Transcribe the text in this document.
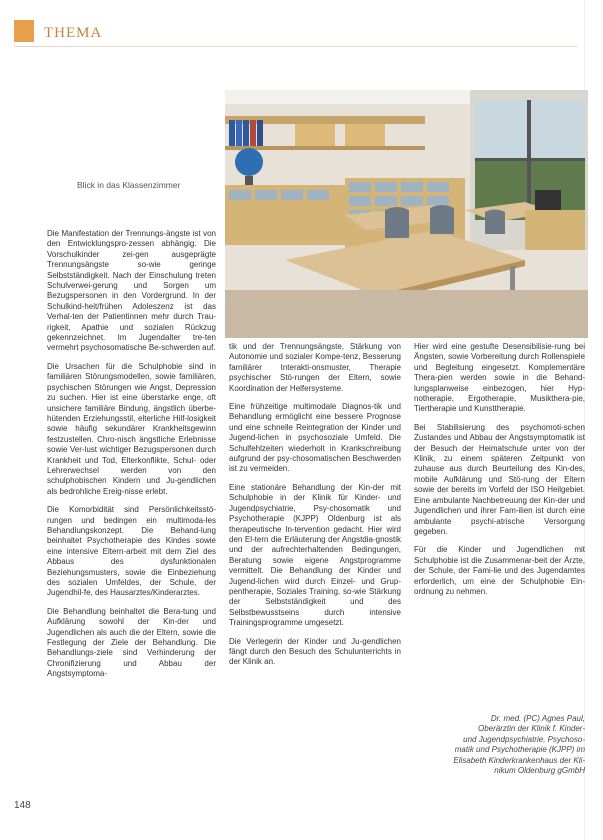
THEMA
Blick in das Klassenzimmer

Die Manifestation der Trennungs-ängste ist von den Entwicklungspro-zessen abhängig. Die Vorschulkinder zei-gen ausgeprägte Trennungsängste so-wie geringe Selbstständigkeit. Nach der Einschulung treten Schulverwei-gerung und Sorgen um Bezugspersonen in den Vordergrund. In der Schulkind-heit/frühen Adoleszenz ist das Verhal-ten der Patientinnen mehr durch Trau-rigkeit, Apathie und sozialen Rückzug gekennzeichnet. Im Jugendalter tre-ten vermehrt psychosomatische Be-schwerden auf.

Die Ursachen für die Schulphobie sind in familiären Störungsmodellen, sowie familiären, psychischen Störungen wie Angst, Depression zu suchen. Hier ist eine überstarke enge, oft unsichere familiäre Bindung, ängstlich überbe-hütenden Erziehungsstil, elterliche Hilf-losigkeit sowie häufig sekundärer Krankheitsgewinn festzustellen. Chro-nisch ängstliche Erlebnisse sowie Ver-lust wichtiger Bezugspersonen durch Krankheit und Tod, Elterkonflikte, Schul- oder Lehrerwechsel werden von den schulphobischen Kindern und Ju-gendlichen als bedrohliche Ereig-nisse erlebt.

Die Komorbidität sind Persönlichkeitsstö-rungen und bedingen ein multimoda-les Behandlungskonzept. Die Behand-lung beinhaltet Psychotherapie des Kindes sowie eine intensive Eltern-arbeit mit dem Ziel des Abbaus des dysfunktionalen Beziehungsmusters, sowie die Einbeziehung des sozialen Umfeldes, der Schule, der Jugendhil-fe, des Hausarztes/Kinderarztes.

Die Behandlung beinhaltet die Bera-tung und Aufklärung sowohl der Kin-der und Jugendlichen als auch die der Eltern, sowie die Festlegung der Ziele der Behandlung. Die Behandlungs-ziele sind Verhinderung der Chronifizierung und Abbau der Angstsymptoma-

tik und der Trennungsängste, Stärkung von Autonomie und sozialer Kompe-tenz, Besserung familiärer Interakti-onsmuster, Therapie psychischer Stö-rungen der Eltern, sowie Koordination der Helfersysteme.

Eine frühzeitige multimodale Diagnos-tik und Behandlung ermöglicht eine bessere Prognose und eine schnelle Reintegration der Kinder und Jugend-lichen in psychosoziale Umfeld. Die Schulfehlzeiten wiederholt in Krankschreibung aufgrund der psy-chosomatischen Beschwerden ist zu vermeiden.

Eine stationäre Behandlung der Kin-der mit Schulphobie in der Klinik für Kinder- und Jugendpsychiatrie, Psy-chosomatik und Psychotherapie (KJPP) Oldenburg ist als therapeutische In-tervention gedacht. Hier wird den El-tern die Erläuterung der Angstdia-gnostik und der aufrechterhaltenden Bedingungen, Beratung sowie eigene Angstprogramme vermittelt. Die Behandlung der Kinder und Jugend-lichen wird durch Einzel- und Grup-pentherapie, Soziales Training, so-wie Stärkung der Selbstständigkeit und des Selbstbewusstseins durch intensive Trainingsprogramme umgesetzt.

Die Verlegerin der Kinder und Ju-gendlichen fängt durch den Besuch des Schulunterrichts in der Klinik an.

Hier wird eine gestufte Desensibilisie-rung bei Ängsten, sowie Vorbereitung durch Rollenspiele und Begleitung eingesetzt. Komplementäre Thera-pien werden sowie in die Behand-lungsplanweise einbezogen, hier Hyp-notherapie, Ergotherapie, Musikthera-pie, Tiertherapie und Kunsttherapie.

Bei Stabilisierung des psychomoti-schen Zustandes und Abbau der Angstsymptomatik ist der Besuch der Heimatschule unter von der Klinik, zu einem späteren Zeitpunkt von zuhause aus durch Beurteilung des Kin-des, mobile Aufklärung und Stö-rung der Eltern sowie der bereits im Vorfeld der ISO Heilgebiet. Eine ambulante Nachbetreuung der Kin-der und Jugendlichen und ihrer Fam-ilien ist durch eine ambulante psychi-atrische Versorgung gegeben.

Für die Kinder und Jugendlichen mit Schulphobie ist die Zusammenar-beit der Ärzte, der Schule, der Fami-lie und des Jugendamtes erforderlich, um eine der Schulphobie Ein-ordnung zu nehmen.

Dr. med. (PC) Agnes Paul,
Oberärztin der Klinik f. Kinder-
und Jugendpsychiatrie, Psychoso-
matik und Psychotherapie (KJPP) im
Elisabeth Kinderkrankenhaus der Kli-
nikum Oldenburg gGmbH
148
